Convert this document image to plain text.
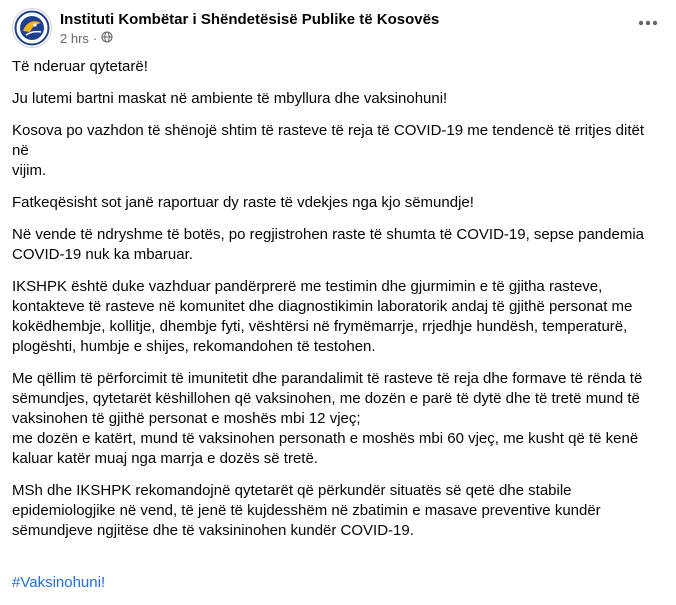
Instituti Kombëtar i Shëndetësisë Publike të Kosovës
2 hrs ·

Të nderuar qytetarë!

Ju lutemi bartni maskat në ambiente të mbyllura dhe vaksinohuni!

Kosova po vazhdon të shënojë shtim të rasteve të reja të COVID-19 me tendencë të rritjes ditët në
vijim.

Fatkeqësisht sot janë raportuar dy raste të vdekjes nga kjo sëmundje!

Në vende të ndryshme të botës, po regjistrohen raste të shumta të COVID-19, sepse pandemia
COVID-19 nuk ka mbaruar.

IKSHPK është duke vazhduar pandërprerë me testimin dhe gjurmimin e të gjitha rasteve,
kontakteve të rasteve në komunitet dhe diagnostikimin laboratorik andaj të gjithë personat me
kokëdhembje, kollitje, dhembje fyti, vështërsi në frymëmarrje, rrjedhje hundësh, temperaturë,
plogështi, humbje e shijes, rekomandohen të testohen.

Me qëllim të përforcimit të imunitetit dhe parandalimit të rasteve të reja dhe formave të rënda të
sëmundjes, qytetarët këshillohen që vaksinohen, me dozën e parë të dytë dhe të tretë mund të
vaksinohen të gjithë personat e moshës mbi 12 vjeç;
me dozën e katërt, mund të vaksinohen personath e moshës mbi 60 vjeç, me kusht që të kenë
kaluar katër muaj nga marrja e dozës së tretë.

MSh dhe IKSHPK rekomandojnë qytetarët që përkundër situatës së qetë dhe stabile
epidemiologjike në vend, të jenë të kujdesshëm në zbatimin e masave preventive kundër
sëmundjeve ngjitëse dhe të vaksininohen kundër COVID-19.

#Vaksinohuni!
